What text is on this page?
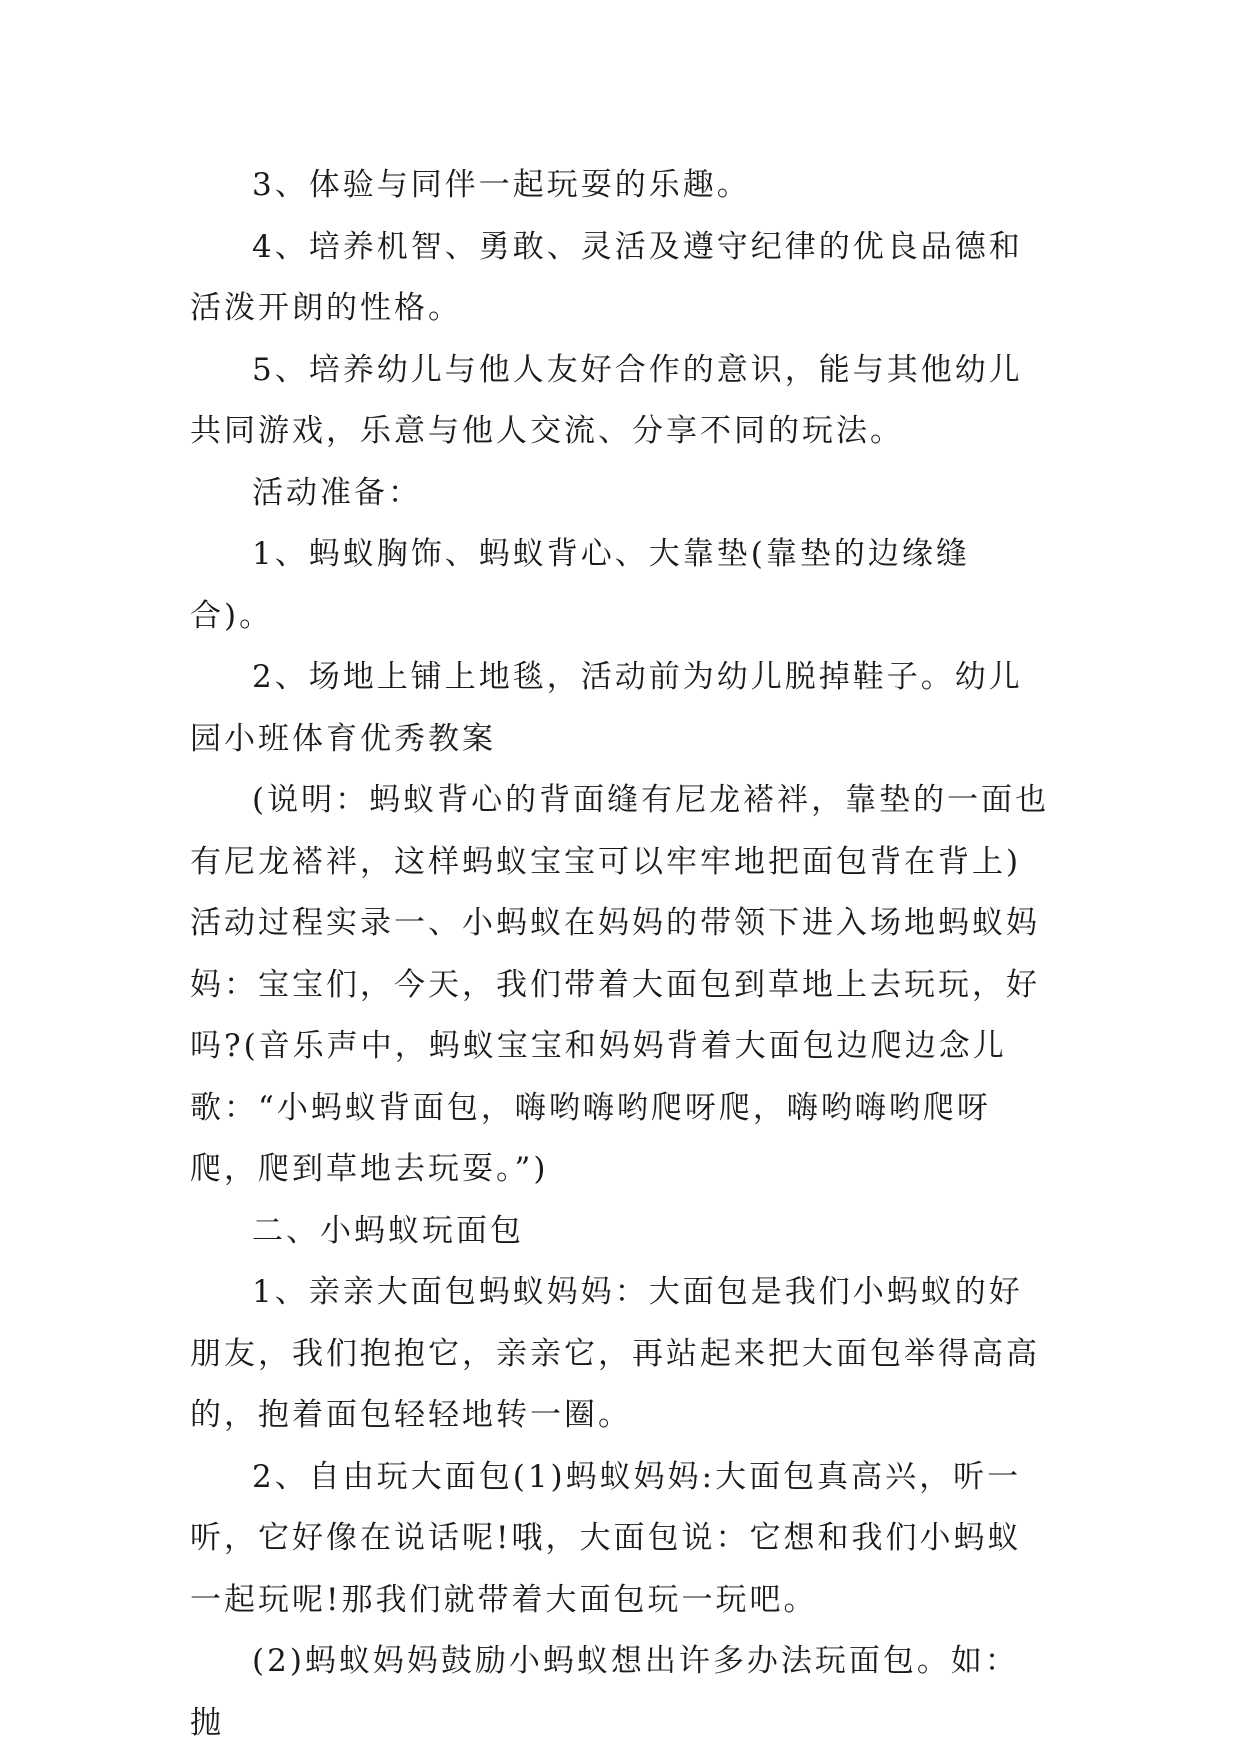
3、体验与同伴一起玩耍的乐趣。

4、培养机智、勇敢、灵活及遵守纪律的优良品德和活泼开朗的性格。

5、培养幼儿与他人友好合作的意识，能与其他幼儿共同游戏，乐意与他人交流、分享不同的玩法。

活动准备：

1、蚂蚁胸饰、蚂蚁背心、大靠垫(靠垫的边缘缝合)。

2、场地上铺上地毯，活动前为幼儿脱掉鞋子。幼儿园小班体育优秀教案

(说明：蚂蚁背心的背面缝有尼龙褡袢，靠垫的一面也有尼龙褡袢，这样蚂蚁宝宝可以牢牢地把面包背在背上)活动过程实录一、小蚂蚁在妈妈的带领下进入场地蚂蚁妈妈：宝宝们，今天，我们带着大面包到草地上去玩玩，好吗?(音乐声中，蚂蚁宝宝和妈妈背着大面包边爬边念儿歌：“小蚂蚁背面包，嗨哟嗨哟爬呀爬，嗨哟嗨哟爬呀爬，爬到草地去玩耍。”)

二、小蚂蚁玩面包

1、亲亲大面包蚂蚁妈妈：大面包是我们小蚂蚁的好朋友，我们抱抱它，亲亲它，再站起来把大面包举得高高的，抱着面包轻轻地转一圈。

2、自由玩大面包(1)蚂蚁妈妈:大面包真高兴，听一听，它好像在说话呢!哦，大面包说：它想和我们小蚂蚁一起玩呢!那我们就带着大面包玩一玩吧。

(2)蚂蚁妈妈鼓励小蚂蚁想出许多办法玩面包。如：抛
